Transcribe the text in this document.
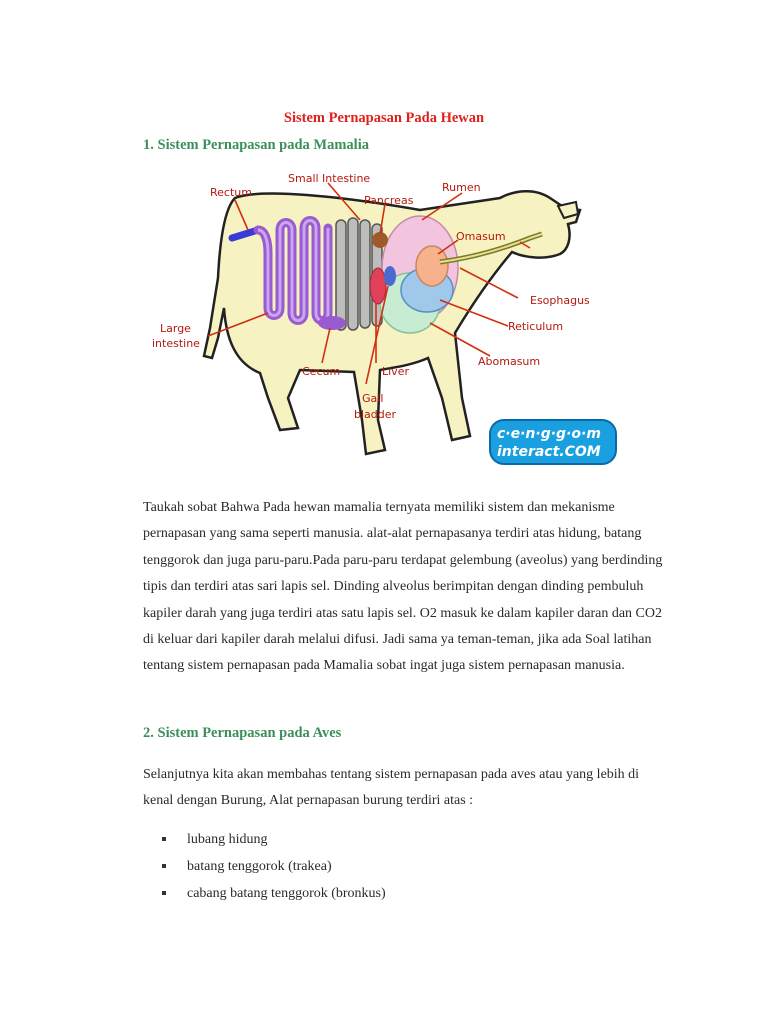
Sistem Pernapasan Pada Hewan
1. Sistem Pernapasan pada Mamalia
Rectum
Small Intestine
Pancreas
Rumen
Omasum
Esophagus
Reticulum
Abomasum
Large
intestine
Cecum	Liver
Gall
bladder
c·e·n·g·g·o·m
interact.COM

Taukah sobat Bahwa Pada hewan mamalia ternyata memiliki sistem dan mekanisme pernapasan yang sama seperti manusia. alat-alat pernapasanya terdiri atas hidung, batang tenggorok dan juga paru-paru.Pada paru-paru terdapat gelembung (aveolus) yang berdinding tipis dan terdiri atas sari lapis sel. Dinding alveolus berimpitan dengan dinding pembuluh kapiler darah yang juga terdiri atas satu lapis sel. O2 masuk ke dalam kapiler daran dan CO2 di keluar dari kapiler darah melalui difusi. Jadi sama ya teman-teman, jika ada Soal latihan tentang sistem pernapasan pada Mamalia sobat ingat juga sistem pernapasan manusia.

2. Sistem Pernapasan pada Aves

Selanjutnya kita akan membahas tentang sistem pernapasan pada aves atau yang lebih di kenal dengan Burung, Alat pernapasan burung terdiri atas :

lubang hidung
batang tenggorok (trakea)
cabang batang tenggorok (bronkus)
